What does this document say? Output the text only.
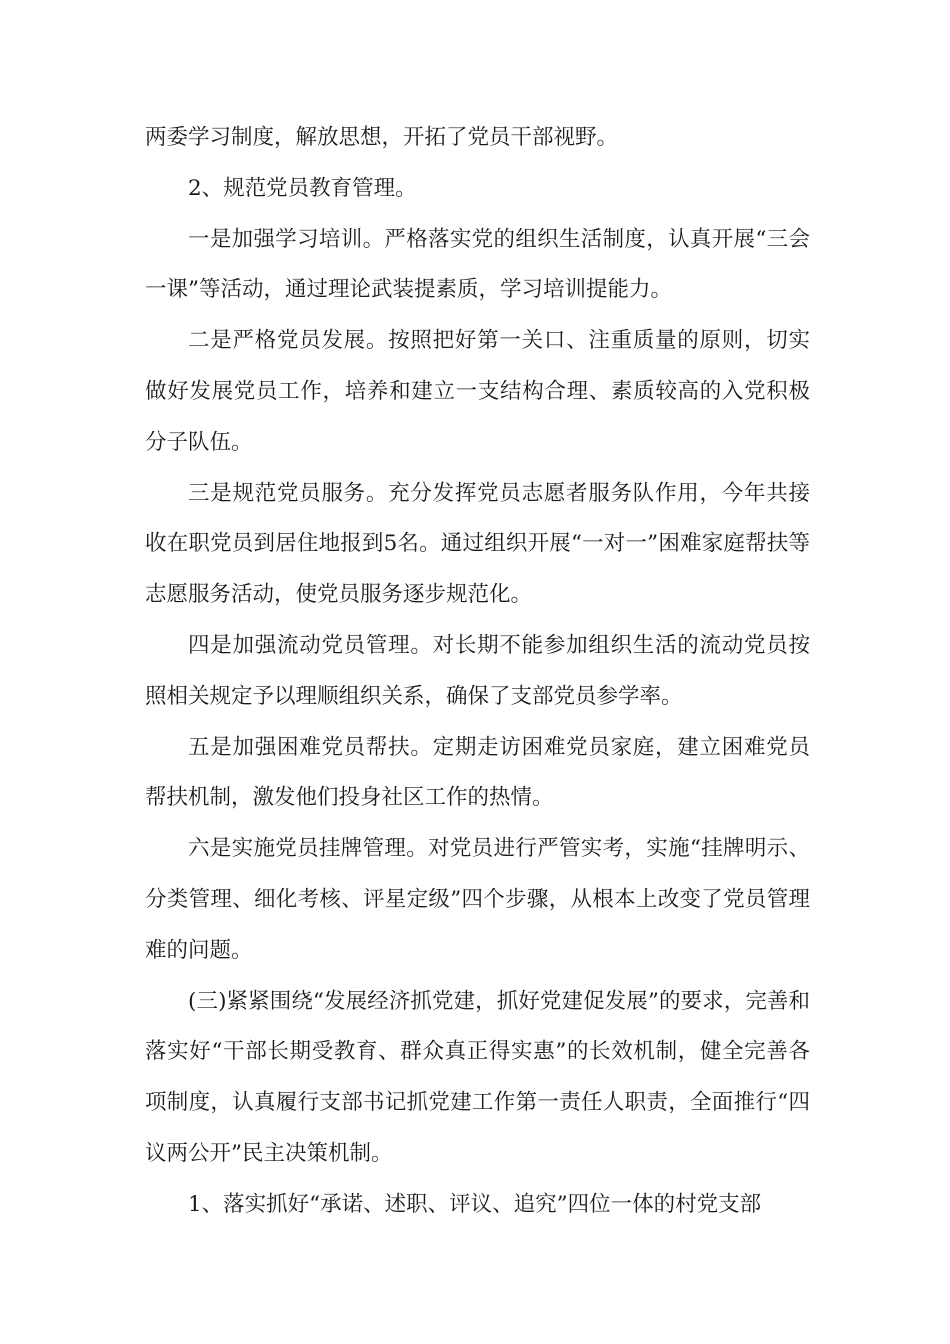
两委学习制度，解放思想，开拓了党员干部视野。

2、规范党员教育管理。

一是加强学习培训。严格落实党的组织生活制度，认真开展“三会一课”等活动，通过理论武装提素质，学习培训提能力。

二是严格党员发展。按照把好第一关口、注重质量的原则，切实做好发展党员工作，培养和建立一支结构合理、素质较高的入党积极分子队伍。

三是规范党员服务。充分发挥党员志愿者服务队作用，今年共接收在职党员到居住地报到5名。通过组织开展“一对一”困难家庭帮扶等志愿服务活动，使党员服务逐步规范化。

四是加强流动党员管理。对长期不能参加组织生活的流动党员按照相关规定予以理顺组织关系，确保了支部党员参学率。

五是加强困难党员帮扶。定期走访困难党员家庭，建立困难党员帮扶机制，激发他们投身社区工作的热情。

六是实施党员挂牌管理。对党员进行严管实考，实施“挂牌明示、分类管理、细化考核、评星定级”四个步骤，从根本上改变了党员管理难的问题。

(三)紧紧围绕“发展经济抓党建，抓好党建促发展”的要求，完善和落实好“干部长期受教育、群众真正得实惠”的长效机制，健全完善各项制度，认真履行支部书记抓党建工作第一责任人职责，全面推行“四议两公开”民主决策机制。

1、落实抓好“承诺、述职、评议、追究”四位一体的村党支部
